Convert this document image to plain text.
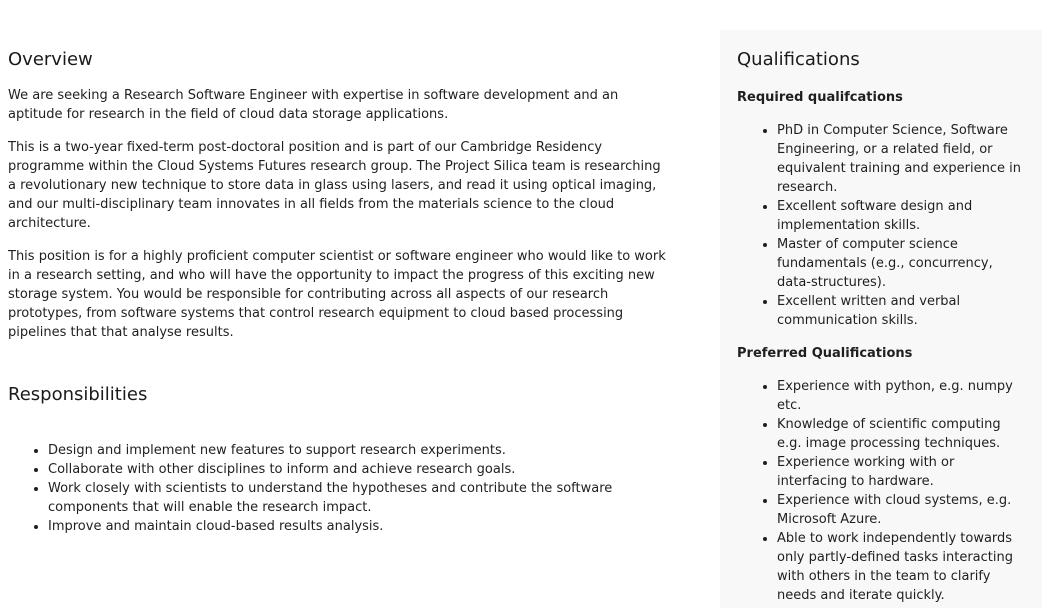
Overview

We are seeking a Research Software Engineer with expertise in software development and an aptitude for research in the field of cloud data storage applications.

This is a two-year fixed-term post-doctoral position and is part of our Cambridge Residency programme within the Cloud Systems Futures research group. The Project Silica team is researching a revolutionary new technique to store data in glass using lasers, and read it using optical imaging, and our multi-disciplinary team innovates in all fields from the materials science to the cloud architecture.

This position is for a highly proficient computer scientist or software engineer who would like to work in a research setting, and who will have the opportunity to impact the progress of this exciting new storage system. You would be responsible for contributing across all aspects of our research prototypes, from software systems that control research equipment to cloud based processing pipelines that that analyse results.

Responsibilities
• Design and implement new features to support research experiments.
• Collaborate with other disciplines to inform and achieve research goals.
• Work closely with scientists to understand the hypotheses and contribute the software components that will enable the research impact.
• Improve and maintain cloud-based results analysis.
Qualifications
Required qualifcations
• PhD in Computer Science, Software Engineering, or a related field, or equivalent training and experience in research.
• Excellent software design and implementation skills.
• Master of computer science fundamentals (e.g., concurrency, data-structures).
• Excellent written and verbal communication skills.
Preferred Qualifications
• Experience with python, e.g. numpy etc.
• Knowledge of scientific computing e.g. image processing techniques.
• Experience working with or interfacing to hardware.
• Experience with cloud systems, e.g. Microsoft Azure.
• Able to work independently towards only partly-defined tasks interacting with others in the team to clarify needs and iterate quickly.
